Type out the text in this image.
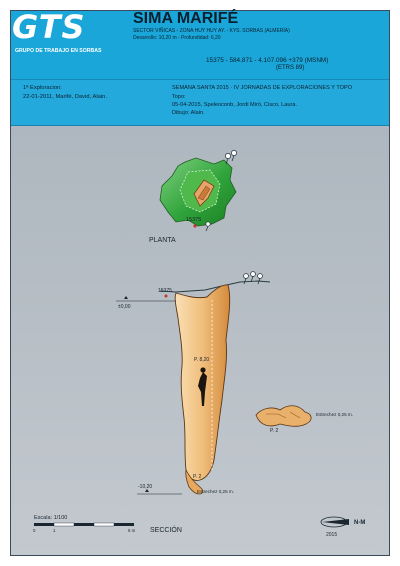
GTS
GRUPO DE TRABAJO EN SORBAS
SIMA MARIFÉ
SECTOR VIÑICAS - ZONA HUY HUY AY. - KYS. SORBAS (ALMERÍA)
Desarrollo: 10,20 m - Profundidad: 6,20
15375 - 584.871 - 4.107.096 +379 (MSNM)
(ETRS 89)
1ª Exploracion:
22-01-2011, Marifé, David, Alain.
SEMANA SANTA 2015 · IV JORNADAS DE EXPLORACIONES Y TOPO
Topo:
05-04-2015, Speleoconb, Jordi Miró, Cisco, Laura.
Dibujo: Alain.
15375
PLANTA
±0,00
15375
P. 8,20
P. 2
-10,20
Estrechez 0,25 m.
Estrechez 0,25 m.
P. 2
Escala: 1/100
0	1	5 m SECCIÓN
N-M
2015
